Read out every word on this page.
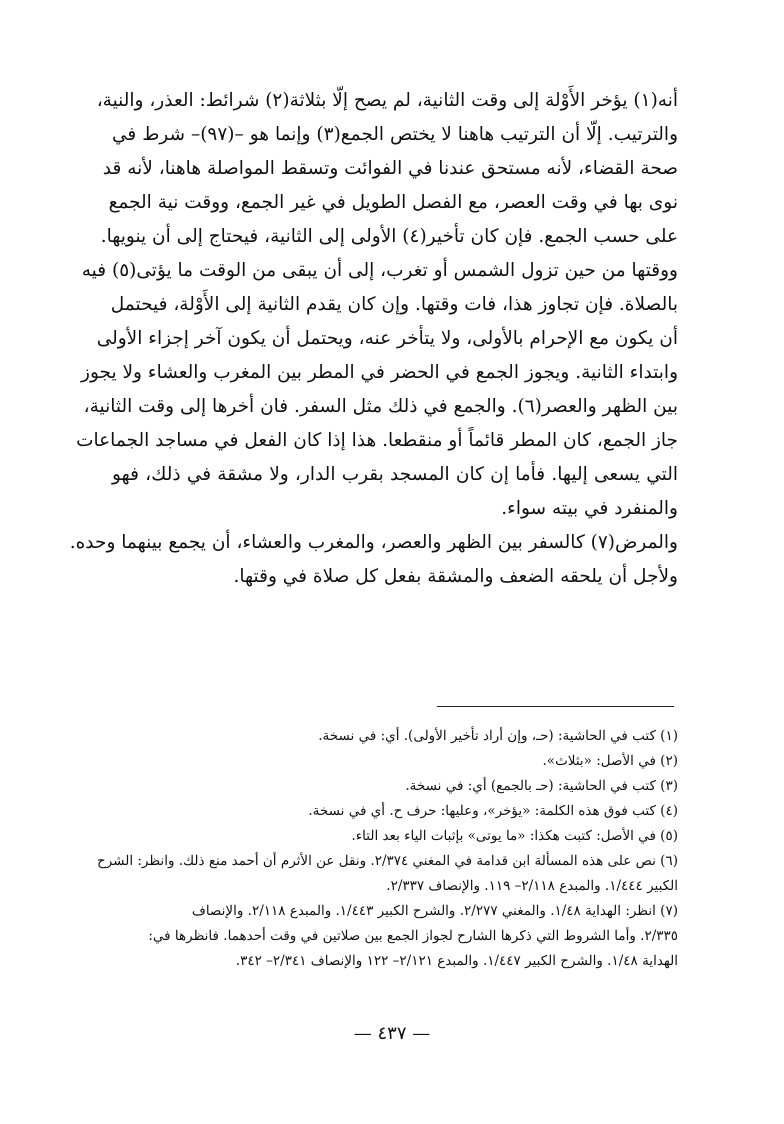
أنه(١) يؤخر الأَوْلة إلى وقت الثانية، لم يصح إلّا بثلاثة(٢) شرائط: العذر، والنية،
والترتيب. إلّا أن الترتيب هاهنا لا يختص الجمع(٣) وإنما هو –(٩٧)– شرط في
صحة القضاء، لأنه مستحق عندنا في الفوائت وتسقط المواصلة هاهنا، لأنه قد
نوى بها في وقت العصر، مع الفصل الطويل في غير الجمع، ووقت نية الجمع
على حسب الجمع. فإن كان تأخير(٤) الأولى إلى الثانية، فيحتاج إلى أن ينويها.
ووقتها من حين تزول الشمس أو تغرب، إلى أن يبقى من الوقت ما يؤتى(٥) فيه
بالصلاة. فإن تجاوز هذا، فات وقتها. وإن كان يقدم الثانية إلى الأَوْلة، فيحتمل
أن يكون مع الإحرام بالأولى، ولا يتأخر عنه، ويحتمل أن يكون آخر إجزاء الأولى
وابتداء الثانية. ويجوز الجمع في الحضر في المطر بين المغرب والعشاء ولا يجوز
بين الظهر والعصر(٦). والجمع في ذلك مثل السفر. فان أخرها إلى وقت الثانية،
جاز الجمع، كان المطر قائماً أو منقطعا. هذا إذا كان الفعل في مساجد الجماعات
التي يسعى إليها. فأما إن كان المسجد بقرب الدار، ولا مشقة في ذلك، فهو
والمنفرد في بيته سواء.
والمرض(٧) كالسفر بين الظهر والعصر، والمغرب والعشاء، أن يجمع بينهما وحده.
ولأجل أن يلحقه الضعف والمشقة بفعل كل صلاة في وقتها.
(١) كتب في الحاشية: (حـ، وإن أراد تأخير الأولى). أي: في نسخة.
(٢) في الأصل: «بثلاث».
(٣) كتب في الحاشية: (حـ بالجمع) أي: في نسخة.
(٤) كتب فوق هذه الكلمة: «يؤخر»، وعليها: حرف ح. أي في نسخة.
(٥) في الأصل: كتبت هكذا: «ما يوتى» بإثبات الياء بعد التاء.
(٦) نص على هذه المسألة ابن قدامة في المغني ٢/٣٧٤. ونقل عن الأثرم أن أحمد منع ذلك. وانظر: الشرح
الكبير ١/٤٤٤. والمبدع ٢/١١٨– ١١٩. والإنصاف ٢/٣٣٧.
(٧) انظر: الهداية ١/٤٨. والمغني ٢/٢٧٧. والشرح الكبير ١/٤٤٣. والمبدع ٢/١١٨. والإنصاف
٢/٣٣٥. وأما الشروط التي ذكرها الشارح لجواز الجمع بين صلاتين في وقت أحدهما. فانظرها في:
الهداية ١/٤٨. والشرح الكبير ١/٤٤٧. والمبدع ٢/١٢١– ١٢٢ والإنصاف ٢/٣٤١– ٣٤٢.
— ٤٣٧ —
